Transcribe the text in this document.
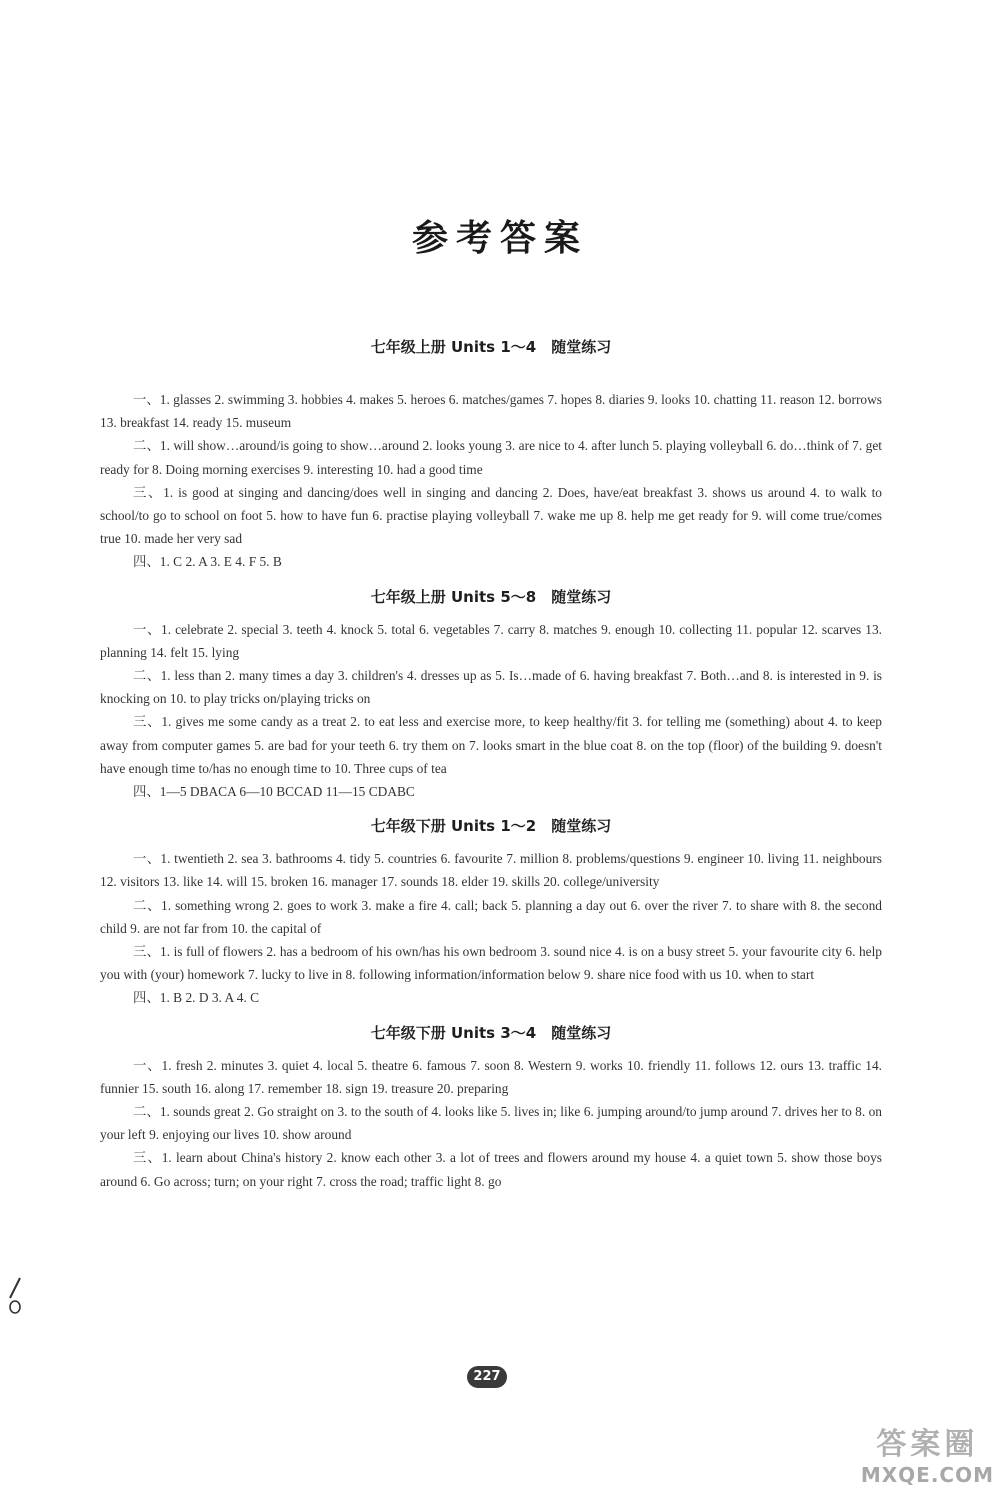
参考答案
七年级上册 Units 1～4　随堂练习

一、1. glasses 2. swimming 3. hobbies 4. makes 5. heroes 6. matches/games 7. hopes 8. diaries 9. looks 10. chatting 11. reason 12. borrows 13. breakfast 14. ready 15. museum

二、1. will show…around/is going to show…around 2. looks young 3. are nice to 4. after lunch 5. playing volleyball 6. do…think of 7. get ready for 8. Doing morning exercises 9. interesting 10. had a good time

三、1. is good at singing and dancing/does well in singing and dancing 2. Does, have/eat breakfast 3. shows us around 4. to walk to school/to go to school on foot 5. how to have fun 6. practise playing volleyball 7. wake me up 8. help me get ready for 9. will come true/comes true 10. made her very sad

四、1. C 2. A 3. E 4. F 5. B

七年级上册 Units 5～8　随堂练习

一、1. celebrate 2. special 3. teeth 4. knock 5. total 6. vegetables 7. carry 8. matches 9. enough 10. collecting 11. popular 12. scarves 13. planning 14. felt 15. lying

二、1. less than 2. many times a day 3. children's 4. dresses up as 5. Is…made of 6. having breakfast 7. Both…and 8. is interested in 9. is knocking on 10. to play tricks on/playing tricks on

三、1. gives me some candy as a treat 2. to eat less and exercise more, to keep healthy/fit 3. for telling me (something) about 4. to keep away from computer games 5. are bad for your teeth 6. try them on 7. looks smart in the blue coat 8. on the top (floor) of the building 9. doesn't have enough time to/has no enough time to 10. Three cups of tea

四、1—5 DBACA 6—10 BCCAD 11—15 CDABC

七年级下册 Units 1～2　随堂练习

一、1. twentieth 2. sea 3. bathrooms 4. tidy 5. countries 6. favourite 7. million 8. problems/questions 9. engineer 10. living 11. neighbours 12. visitors 13. like 14. will 15. broken 16. manager 17. sounds 18. elder 19. skills 20. college/university

二、1. something wrong 2. goes to work 3. make a fire 4. call; back 5. planning a day out 6. over the river 7. to share with 8. the second child 9. are not far from 10. the capital of

三、1. is full of flowers 2. has a bedroom of his own/has his own bedroom 3. sound nice 4. is on a busy street 5. your favourite city 6. help you with (your) homework 7. lucky to live in 8. following information/information below 9. share nice food with us 10. when to start

四、1. B 2. D 3. A 4. C

七年级下册 Units 3～4　随堂练习

一、1. fresh 2. minutes 3. quiet 4. local 5. theatre 6. famous 7. soon 8. Western 9. works 10. friendly 11. follows 12. ours 13. traffic 14. funnier 15. south 16. along 17. remember 18. sign 19. treasure 20. preparing

二、1. sounds great 2. Go straight on 3. to the south of 4. looks like 5. lives in; like 6. jumping around/to jump around 7. drives her to 8. on your left 9. enjoying our lives 10. show around

三、1. learn about China's history 2. know each other 3. a lot of trees and flowers around my house 4. a quiet town 5. show those boys around 6. Go across; turn; on your right 7. cross the road; traffic light 8. go

227
答案圈
MXQE.COM
